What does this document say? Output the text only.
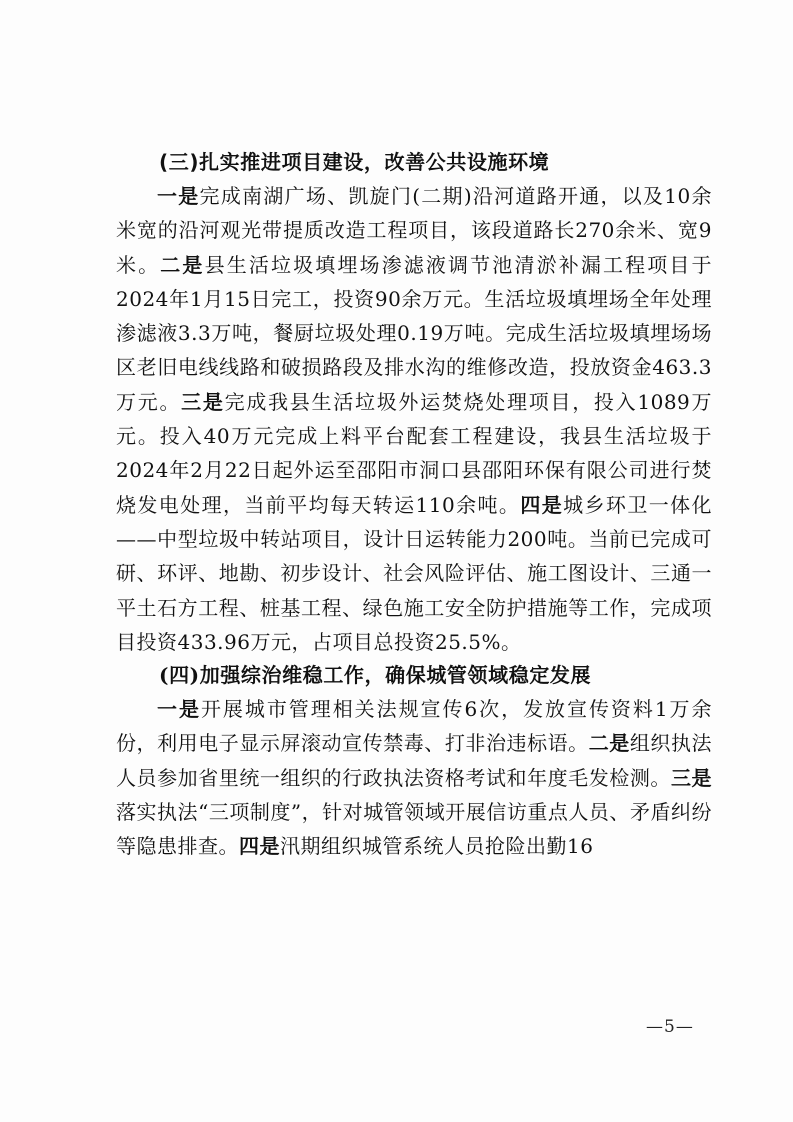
(三)扎实推进项目建设，改善公共设施环境

一是完成南湖广场、凯旋门(二期)沿河道路开通，以及10余米宽的沿河观光带提质改造工程项目，该段道路长270余米、宽9米。二是县生活垃圾填埋场渗滤液调节池清淤补漏工程项目于2024年1月15日完工，投资90余万元。生活垃圾填埋场全年处理渗滤液3.3万吨，餐厨垃圾处理0.19万吨。完成生活垃圾填埋场场区老旧电线线路和破损路段及排水沟的维修改造，投放资金463.3万元。三是完成我县生活垃圾外运焚烧处理项目，投入1089万元。投入40万元完成上料平台配套工程建设，我县生活垃圾于2024年2月22日起外运至邵阳市洞口县邵阳环保有限公司进行焚烧发电处理，当前平均每天转运110余吨。四是城乡环卫一体化——中型垃圾中转站项目，设计日运转能力200吨。当前已完成可研、环评、地勘、初步设计、社会风险评估、施工图设计、三通一平土石方工程、桩基工程、绿色施工安全防护措施等工作，完成项目投资433.96万元，占项目总投资25.5%。

(四)加强综治维稳工作，确保城管领域稳定发展

一是开展城市管理相关法规宣传6次，发放宣传资料1万余份，利用电子显示屏滚动宣传禁毒、打非治违标语。二是组织执法人员参加省里统一组织的行政执法资格考试和年度毛发检测。三是落实执法“三项制度”，针对城管领域开展信访重点人员、矛盾纠纷等隐患排查。四是汛期组织城管系统人员抢险出勤16

—5—
